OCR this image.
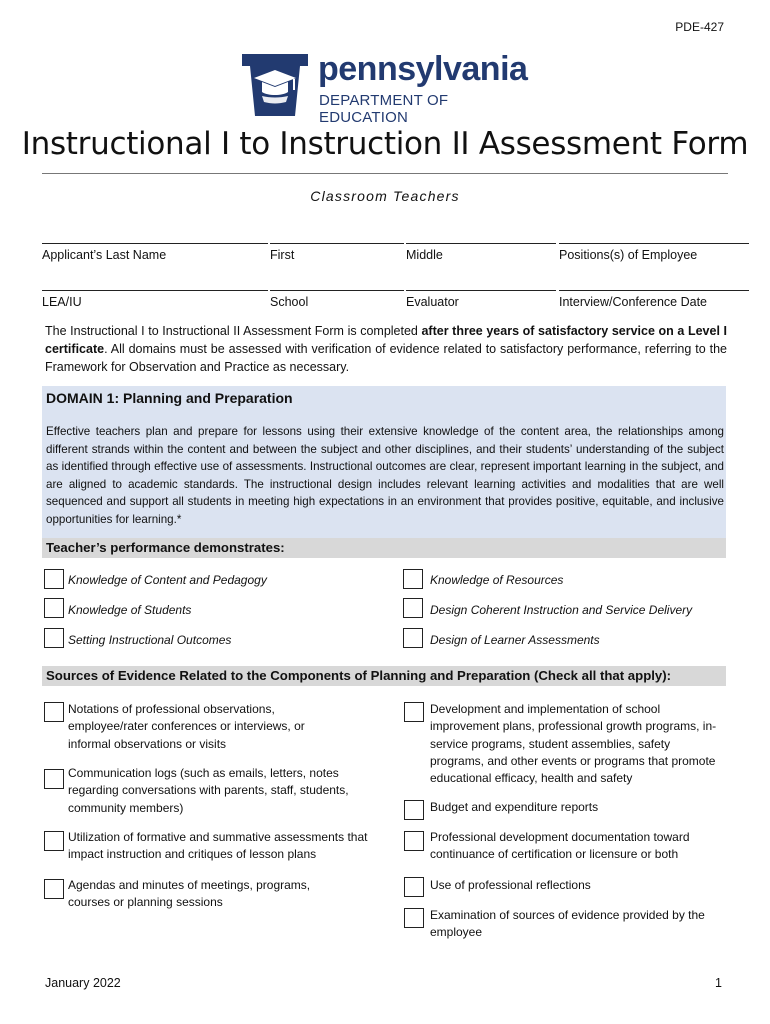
PDE-427
pennsylvania
DEPARTMENT OF EDUCATION
Instructional I to Instruction II Assessment Form
Classroom Teachers
Applicant’s Last Name	First	Middle	Positions(s) of Employee
LEA/IU	School	Evaluator	Interview/Conference Date
The Instructional I to Instructional II Assessment Form is completed after three years of satisfactory service on a Level I certificate. All domains must be assessed with verification of evidence related to satisfactory performance, referring to the Framework for Observation and Practice as necessary.
DOMAIN 1: Planning and Preparation
Effective teachers plan and prepare for lessons using their extensive knowledge of the content area, the relationships among different strands within the content and between the subject and other disciplines, and their students’ understanding of the subject as identified through effective use of assessments. Instructional outcomes are clear, represent important learning in the subject, and are aligned to academic standards. The instructional design includes relevant learning activities and modalities that are well sequenced and support all students in meeting high expectations in an environment that provides positive, equitable, and inclusive opportunities for learning.*
Teacher’s performance demonstrates:
Knowledge of Content and Pedagogy
Knowledge of Students
Setting Instructional Outcomes
Knowledge of Resources
Design Coherent Instruction and Service Delivery
Design of Learner Assessments
Sources of Evidence Related to the Components of Planning and Preparation (Check all that apply):
Notations of professional observations, employee/rater conferences or interviews, or informal observations or visits
Communication logs (such as emails, letters, notes regarding conversations with parents, staff, students, community members)
Utilization of formative and summative assessments that impact instruction and critiques of lesson plans
Agendas and minutes of meetings, programs, courses or planning sessions
Development and implementation of school improvement plans, professional growth programs, in-service programs, student assemblies, safety programs, and other events or programs that promote educational efficacy, health and safety
Budget and expenditure reports
Professional development documentation toward continuance of certification or licensure or both
Use of professional reflections
Examination of sources of evidence provided by the employee
January 2022	1
